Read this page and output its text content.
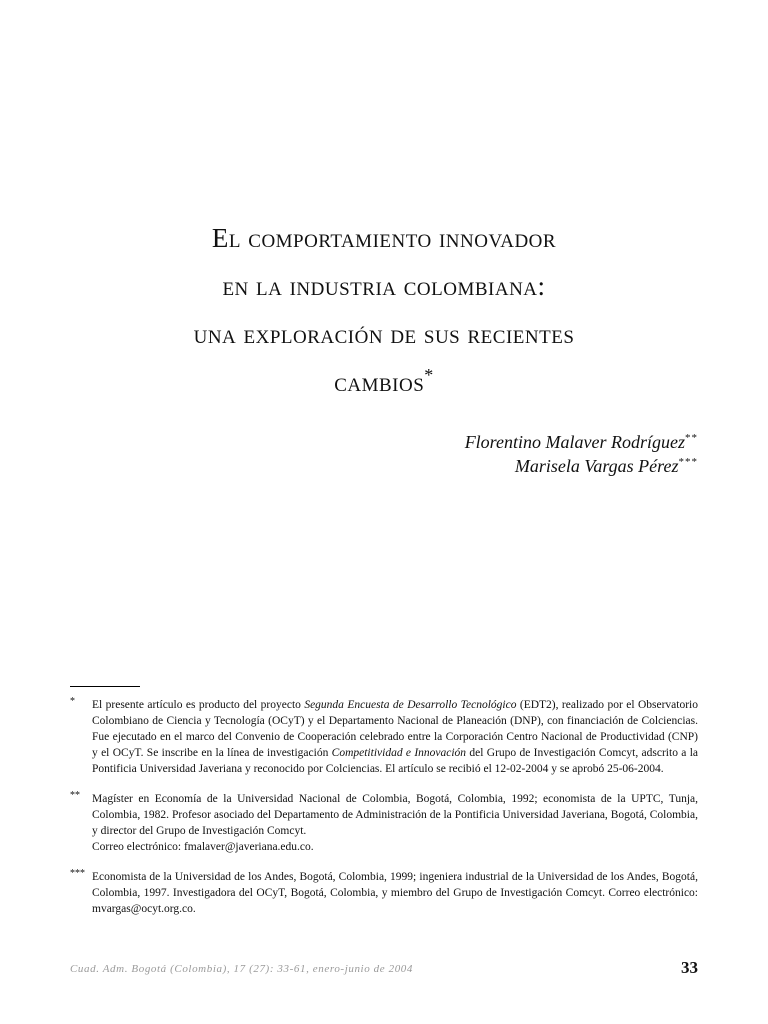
El comportamiento innovador
en la industria colombiana:
una exploración de sus recientes
cambios*
Florentino Malaver Rodríguez**
Marisela Vargas Pérez***
* El presente artículo es producto del proyecto Segunda Encuesta de Desarrollo Tecnológico (EDT2), realizado por el Observatorio Colombiano de Ciencia y Tecnología (OCyT) y el Departamento Nacional de Planeación (DNP), con financiación de Colciencias. Fue ejecutado en el marco del Convenio de Cooperación celebrado entre la Corporación Centro Nacional de Productividad (CNP) y el OCyT. Se inscribe en la línea de investigación Competitividad e Innovación del Grupo de Investigación Comcyt, adscrito a la Pontificia Universidad Javeriana y reconocido por Colciencias. El artículo se recibió el 12-02-2004 y se aprobó 25-06-2004.
** Magíster en Economía de la Universidad Nacional de Colombia, Bogotá, Colombia, 1992; economista de la UPTC, Tunja, Colombia, 1982. Profesor asociado del Departamento de Administración de la Pontificia Universidad Javeriana, Bogotá, Colombia, y director del Grupo de Investigación Comcyt.
Correo electrónico: fmalaver@javeriana.edu.co.
*** Economista de la Universidad de los Andes, Bogotá, Colombia, 1999; ingeniera industrial de la Universidad de los Andes, Bogotá, Colombia, 1997. Investigadora del OCyT, Bogotá, Colombia, y miembro del Grupo de Investigación Comcyt. Correo electrónico: mvargas@ocyt.org.co.
Cuad. Adm. Bogotá (Colombia), 17 (27): 33-61, enero-junio de 2004	33
